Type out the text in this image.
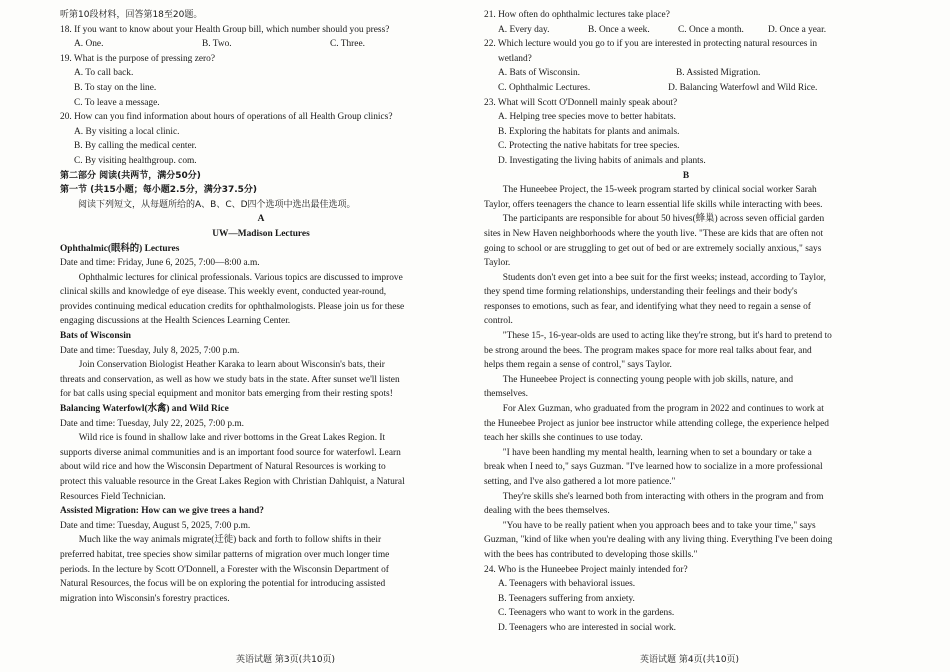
听第10段材料，回答第18至20题。
18. If you want to know about your Health Group bill, which number should you press?
A. One.	B. Two.	C. Three.
19. What is the purpose of pressing zero?
A. To call back.
B. To stay on the line.
C. To leave a message.
20. How can you find information about hours of operations of all Health Group clinics?
A. By visiting a local clinic.
B. By calling the medical center.
C. By visiting healthgroup. com.
第二部分 阅读(共两节，满分50分)
第一节 (共15小题；每小题2.5分，满分37.5分)
阅读下列短文，从每题所给的A、B、C、D四个选项中选出最佳选项。
A
UW—Madison Lectures
Ophthalmic(眼科的) Lectures
Date and time: Friday, June 6, 2025, 7:00—8:00 a.m.
Ophthalmic lectures for clinical professionals. Various topics are discussed to improve
clinical skills and knowledge of eye disease. This weekly event, conducted year-round,
provides continuing medical education credits for ophthalmologists. Please join us for these
engaging discussions at the Health Sciences Learning Center.
Bats of Wisconsin
Date and time: Tuesday, July 8, 2025, 7:00 p.m.
Join Conservation Biologist Heather Karaka to learn about Wisconsin's bats, their
threats and conservation, as well as how we study bats in the state. After sunset we'll listen
for bat calls using special equipment and monitor bats emerging from their resting spots!
Balancing Waterfowl(水禽) and Wild Rice
Date and time: Tuesday, July 22, 2025, 7:00 p.m.
Wild rice is found in shallow lake and river bottoms in the Great Lakes Region. It
supports diverse animal communities and is an important food source for waterfowl. Learn
about wild rice and how the Wisconsin Department of Natural Resources is working to
protect this valuable resource in the Great Lakes Region with Christian Dahlquist, a Natural
Resources Field Technician.
Assisted Migration: How can we give trees a hand?
Date and time: Tuesday, August 5, 2025, 7:00 p.m.
Much like the way animals migrate(迁徙) back and forth to follow shifts in their
preferred habitat, tree species show similar patterns of migration over much longer time
periods. In the lecture by Scott O'Donnell, a Forester with the Wisconsin Department of
Natural Resources, the focus will be on exploring the potential for introducing assisted
migration into Wisconsin's forestry practices.
21. How often do ophthalmic lectures take place?
A. Every day.	B. Once a week.	C. Once a month.	D. Once a year.
22. Which lecture would you go to if you are interested in protecting natural resources in
wetland?
A. Bats of Wisconsin.	B. Assisted Migration.
C. Ophthalmic Lectures.	D. Balancing Waterfowl and Wild Rice.
23. What will Scott O'Donnell mainly speak about?
A. Helping tree species move to better habitats.
B. Exploring the habitats for plants and animals.
C. Protecting the native habitats for tree species.
D. Investigating the living habits of animals and plants.
B
The Huneebee Project, the 15-week program started by clinical social worker Sarah
Taylor, offers teenagers the chance to learn essential life skills while interacting with bees.
The participants are responsible for about 50 hives(蜂巢) across seven official garden
sites in New Haven neighborhoods where the youth live. "These are kids that are often not
going to school or are struggling to get out of bed or are extremely socially anxious," says
Taylor.
Students don't even get into a bee suit for the first weeks; instead, according to Taylor,
they spend time forming relationships, understanding their feelings and their body's
responses to emotions, such as fear, and identifying what they need to regain a sense of
control.
"These 15-, 16-year-olds are used to acting like they're strong, but it's hard to pretend to
be strong around the bees. The program makes space for more real talks about fear, and
helps them regain a sense of control," says Taylor.
The Huneebee Project is connecting young people with job skills, nature, and
themselves.
For Alex Guzman, who graduated from the program in 2022 and continues to work at
the Huneebee Project as junior bee instructor while attending college, the experience helped
teach her skills she continues to use today.
"I have been handling my mental health, learning when to set a boundary or take a
break when I need to," says Guzman. "I've learned how to socialize in a more professional
setting, and I've also gathered a lot more patience."
They're skills she's learned both from interacting with others in the program and from
dealing with the bees themselves.
"You have to be really patient when you approach bees and to take your time," says
Guzman, "kind of like when you're dealing with any living thing. Everything I've been doing
with the bees has contributed to developing those skills."
24. Who is the Huneebee Project mainly intended for?
A. Teenagers with behavioral issues.
B. Teenagers suffering from anxiety.
C. Teenagers who want to work in the gardens.
D. Teenagers who are interested in social work.
英语试题 第3页(共10页)	英语试题 第4页(共10页)
